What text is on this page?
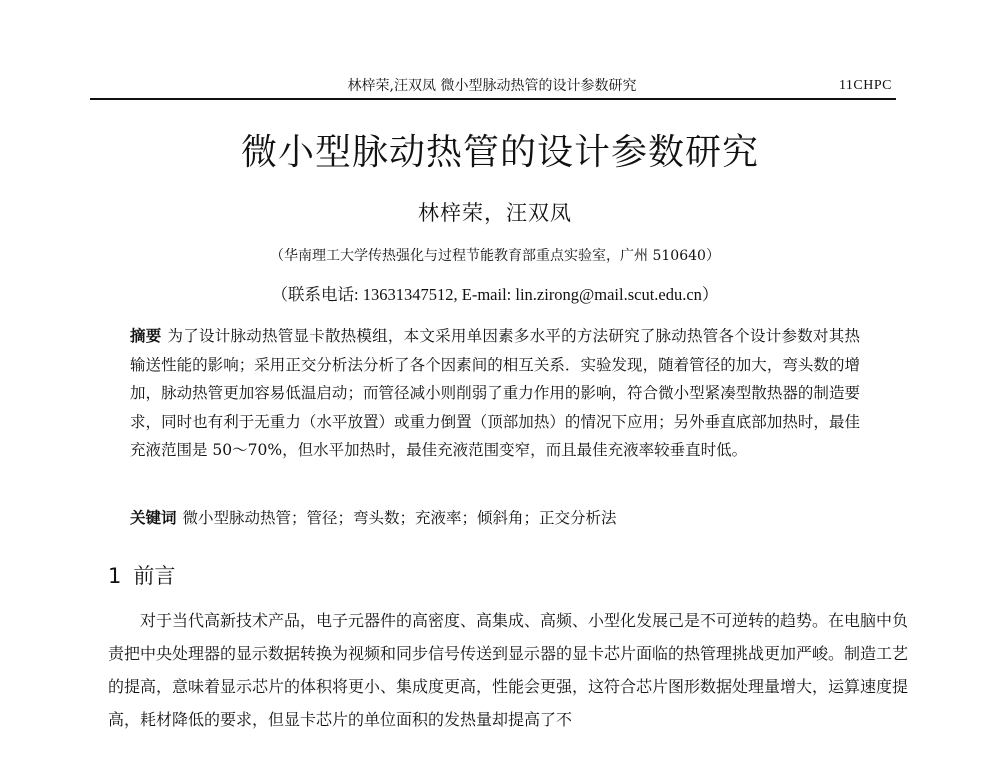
林梓荣,汪双凤 微小型脉动热管的设计参数研究	11CHPC
微小型脉动热管的设计参数研究
林梓荣，汪双凤
（华南理工大学传热强化与过程节能教育部重点实验室，广州 510640）
（联系电话: 13631347512, E-mail: lin.zirong@mail.scut.edu.cn）
摘要 为了设计脉动热管显卡散热模组，本文采用单因素多水平的方法研究了脉动热管各个设计参数对其热输送性能的影响；采用正交分析法分析了各个因素间的相互关系．实验发现，随着管径的加大，弯头数的增加，脉动热管更加容易低温启动；而管径减小则削弱了重力作用的影响，符合微小型紧凑型散热器的制造要求，同时也有利于无重力（水平放置）或重力倒置（顶部加热）的情况下应用；另外垂直底部加热时，最佳充液范围是 50～70%，但水平加热时，最佳充液范围变窄，而且最佳充液率较垂直时低。
关键词 微小型脉动热管；管径；弯头数；充液率；倾斜角；正交分析法
1 前言
对于当代高新技术产品，电子元器件的高密度、高集成、高频、小型化发展己是不可逆转的趋势。在电脑中负责把中央处理器的显示数据转换为视频和同步信号传送到显示器的显卡芯片面临的热管理挑战更加严峻。制造工艺的提高，意味着显示芯片的体积将更小、集成度更高，性能会更强，这符合芯片图形数据处理量增大，运算速度提高，耗材降低的要求，但显卡芯片的单位面积的发热量却提高了不
